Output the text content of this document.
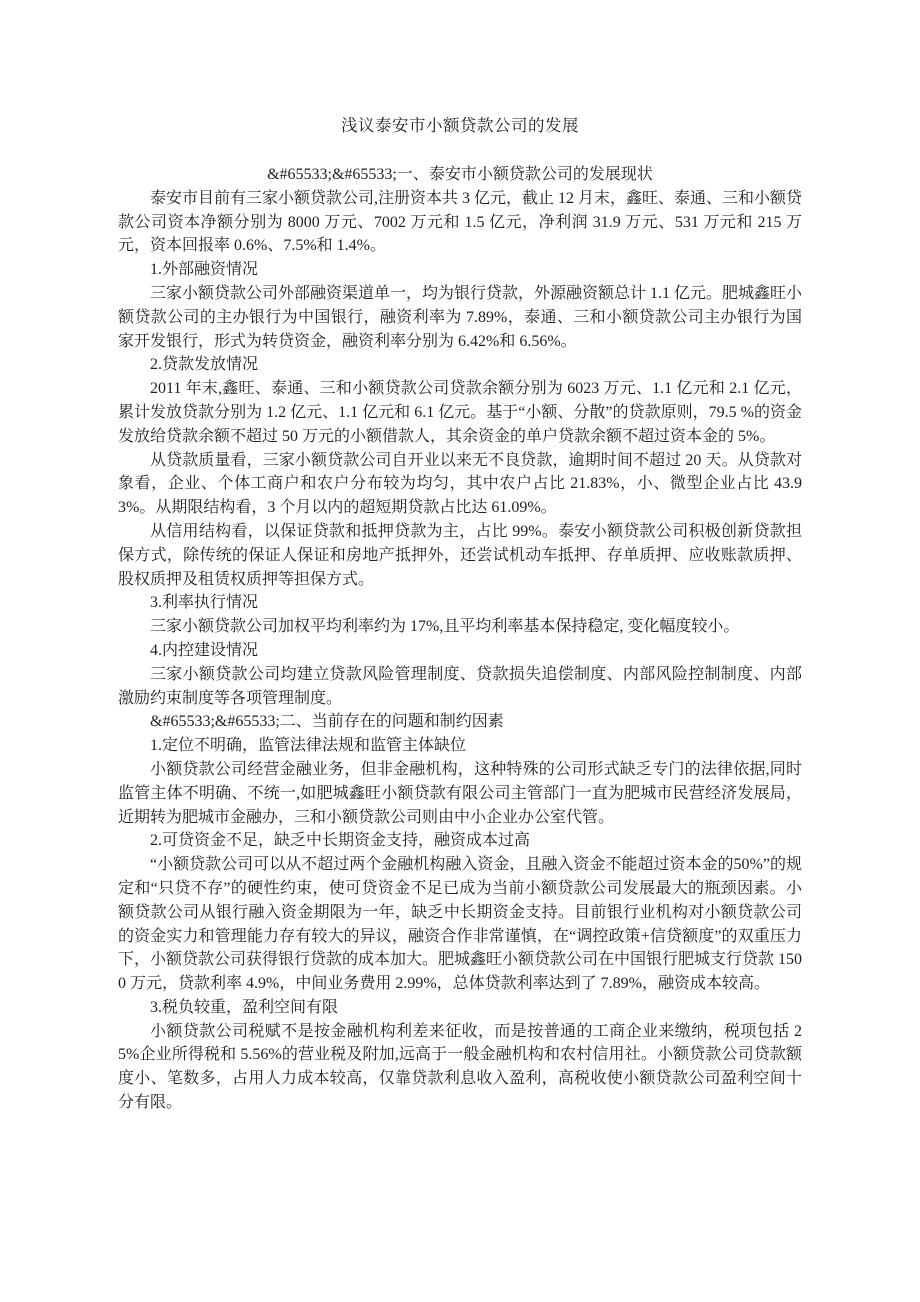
浅议泰安市小额贷款公司的发展

&#65533;&#65533;一、泰安市小额贷款公司的发展现状

泰安市目前有三家小额贷款公司,注册资本共 3 亿元，截止 12 月末，鑫旺、泰通、三和小额贷款公司资本净额分别为 8000 万元、7002 万元和 1.5 亿元，净利润 31.9 万元、531 万元和 215 万元，资本回报率 0.6%、7.5%和 1.4%。

1.外部融资情况

三家小额贷款公司外部融资渠道单一，均为银行贷款，外源融资额总计 1.1 亿元。肥城鑫旺小额贷款公司的主办银行为中国银行，融资利率为 7.89%，泰通、三和小额贷款公司主办银行为国家开发银行，形式为转贷资金，融资利率分别为 6.42%和 6.56%。

2.贷款发放情况

2011 年末,鑫旺、泰通、三和小额贷款公司贷款余额分别为 6023 万元、1.1 亿元和 2.1 亿元，累计发放贷款分别为 1.2 亿元、1.1 亿元和 6.1 亿元。基于“小额、分散”的贷款原则，79.5 %的资金发放给贷款余额不超过 50 万元的小额借款人，其余资金的单户贷款余额不超过资本金的 5%。

从贷款质量看，三家小额贷款公司自开业以来无不良贷款，逾期时间不超过 20 天。从贷款对象看，企业、个体工商户和农户分布较为均匀，其中农户占比 21.83%，小、微型企业占比 43.93%。从期限结构看，3 个月以内的超短期贷款占比达 61.09%。

从信用结构看，以保证贷款和抵押贷款为主，占比 99%。泰安小额贷款公司积极创新贷款担保方式，除传统的保证人保证和房地产抵押外，还尝试机动车抵押、存单质押、应收账款质押、股权质押及租赁权质押等担保方式。

3.利率执行情况

三家小额贷款公司加权平均利率约为 17%,且平均利率基本保持稳定, 变化幅度较小。

4.内控建设情况

三家小额贷款公司均建立贷款风险管理制度、贷款损失追偿制度、内部风险控制制度、内部激励约束制度等各项管理制度。

&#65533;&#65533;二、当前存在的问题和制约因素

1.定位不明确，监管法律法规和监管主体缺位

小额贷款公司经营金融业务，但非金融机构，这种特殊的公司形式缺乏专门的法律依据,同时监管主体不明确、不统一,如肥城鑫旺小额贷款有限公司主管部门一直为肥城市民营经济发展局，近期转为肥城市金融办，三和小额贷款公司则由中小企业办公室代管。

2.可贷资金不足，缺乏中长期资金支持，融资成本过高

“小额贷款公司可以从不超过两个金融机构融入资金，且融入资金不能超过资本金的50%”的规定和“只贷不存”的硬性约束，使可贷资金不足已成为当前小额贷款公司发展最大的瓶颈因素。小额贷款公司从银行融入资金期限为一年，缺乏中长期资金支持。目前银行业机构对小额贷款公司的资金实力和管理能力存有较大的异议，融资合作非常谨慎，在“调控政策+信贷额度”的双重压力下，小额贷款公司获得银行贷款的成本加大。肥城鑫旺小额贷款公司在中国银行肥城支行贷款 1500 万元，贷款利率 4.9%，中间业务费用 2.99%，总体贷款利率达到了 7.89%，融资成本较高。

3.税负较重，盈利空间有限

小额贷款公司税赋不是按金融机构利差来征收，而是按普通的工商企业来缴纳，税项包括 25%企业所得税和 5.56%的营业税及附加,远高于一般金融机构和农村信用社。小额贷款公司贷款额度小、笔数多，占用人力成本较高，仅靠贷款利息收入盈利，高税收使小额贷款公司盈利空间十分有限。
